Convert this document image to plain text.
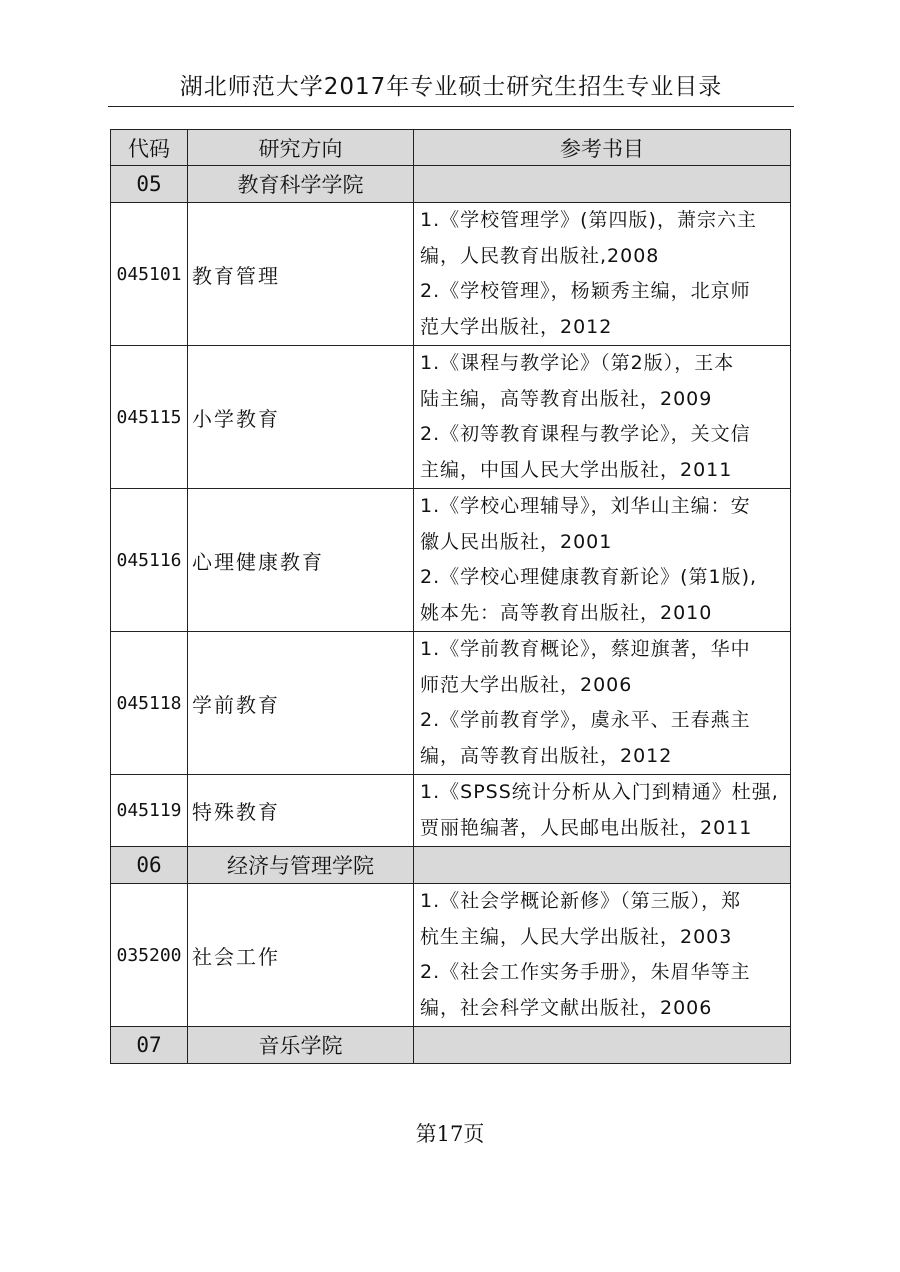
湖北师范大学2017年专业硕士研究生招生专业目录
代码	研究方向	参考书目
05	教育科学学院	
045101	教育管理	1.《学校管理学》(第四版)，萧宗六主
编，人民教育出版社,2008
2.《学校管理》，杨颖秀主编，北京师
范大学出版社，2012

045115	小学教育	1.《课程与教学论》（第2版），王本
陆主编，高等教育出版社，2009
2.《初等教育课程与教学论》，关文信
主编，中国人民大学出版社，2011

045116	心理健康教育	1.《学校心理辅导》，刘华山主编：安
徽人民出版社，2001
2.《学校心理健康教育新论》(第1版),
姚本先：高等教育出版社，2010

045118	学前教育	1.《学前教育概论》，蔡迎旗著，华中
师范大学出版社，2006
2.《学前教育学》，虞永平、王春燕主
编，高等教育出版社，2012

045119	特殊教育	1.《SPSS统计分析从入门到精通》杜强,
贾丽艳编著，人民邮电出版社，2011

06	经济与管理学院	
035200	社会工作	1.《社会学概论新修》（第三版），郑
杭生主编，人民大学出版社，2003
2.《社会工作实务手册》，朱眉华等主
编，社会科学文献出版社，2006

07	音乐学院	
第17页
